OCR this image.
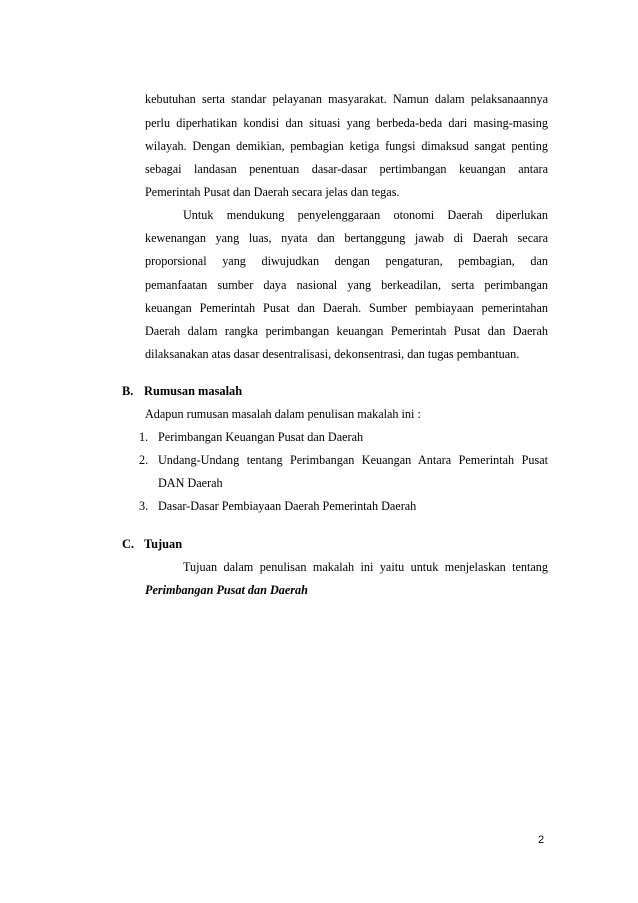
kebutuhan serta standar pelayanan masyarakat. Namun dalam pelaksanaannya
perlu diperhatikan kondisi dan situasi yang berbeda-beda dari masing-masing
wilayah. Dengan demikian, pembagian ketiga fungsi dimaksud sangat penting
sebagai landasan penentuan dasar-dasar pertimbangan keuangan antara
Pemerintah Pusat dan Daerah secara jelas dan tegas.
Untuk mendukung penyelenggaraan otonomi Daerah diperlukan
kewenangan yang luas, nyata dan bertanggung jawab di Daerah secara
proporsional yang diwujudkan dengan pengaturan, pembagian, dan
pemanfaatan sumber daya nasional yang berkeadilan, serta perimbangan
keuangan Pemerintah Pusat dan Daerah. Sumber pembiayaan pemerintahan
Daerah dalam rangka perimbangan keuangan Pemerintah Pusat dan Daerah
dilaksanakan atas dasar desentralisasi, dekonsentrasi, dan tugas pembantuan.
B. Rumusan masalah
Adapun rumusan masalah dalam penulisan makalah ini :
1. Perimbangan Keuangan Pusat dan Daerah
2. Undang-Undang tentang Perimbangan Keuangan Antara Pemerintah Pusat
DAN Daerah
3. Dasar-Dasar Pembiayaan Daerah Pemerintah Daerah
C. Tujuan
Tujuan dalam penulisan makalah ini yaitu untuk menjelaskan tentang
Perimbangan Pusat dan Daerah
2
